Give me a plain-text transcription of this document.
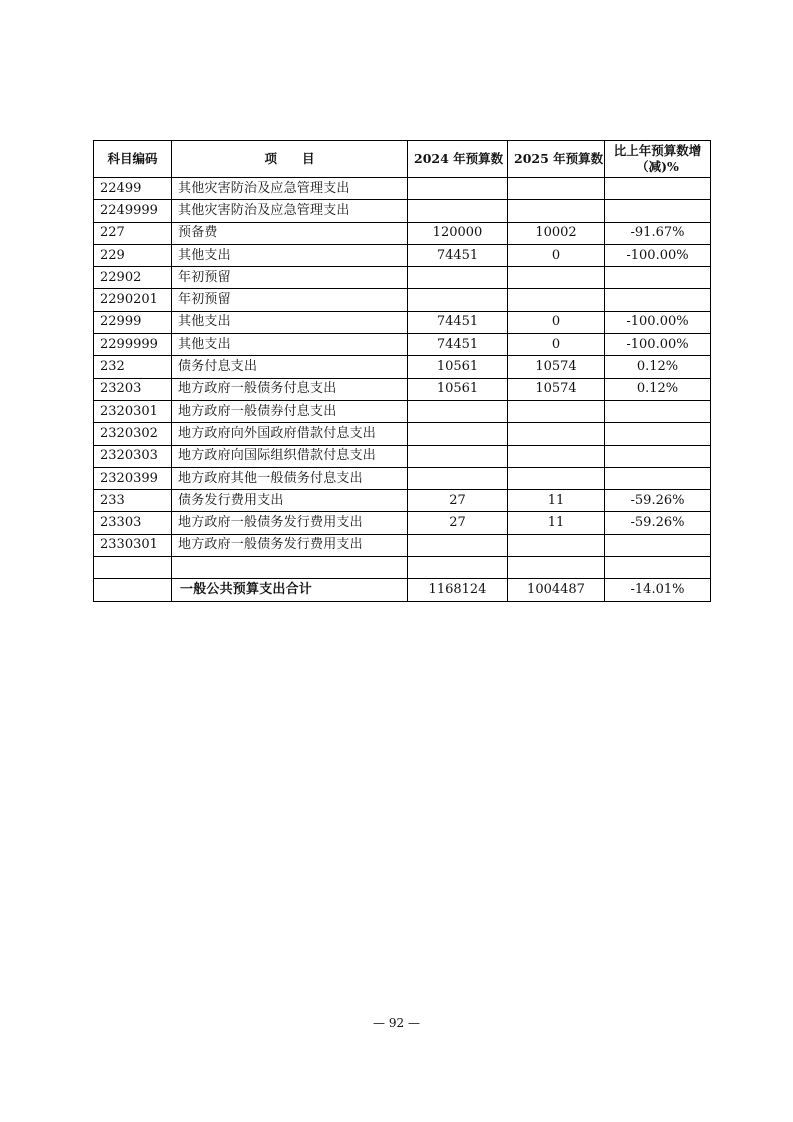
科目编码	项　　目	2024 年预算数	2025 年预算数	比上年预算数增（减)%
22499	其他灾害防治及应急管理支出			
2249999	其他灾害防治及应急管理支出			
227	预备费	120000	10002	-91.67%
229	其他支出	74451	0	-100.00%
22902	年初预留			
2290201	年初预留			
22999	其他支出	74451	0	-100.00%
2299999	其他支出	74451	0	-100.00%
232	债务付息支出	10561	10574	0.12%
23203	地方政府一般债务付息支出	10561	10574	0.12%
2320301	地方政府一般债券付息支出			
2320302	地方政府向外国政府借款付息支出			
2320303	地方政府向国际组织借款付息支出			
2320399	地方政府其他一般债务付息支出			
233	债务发行费用支出	27	11	-59.26%
23303	地方政府一般债务发行费用支出	27	11	-59.26%
2330301	地方政府一般债务发行费用支出			

	一般公共预算支出合计	1168124	1004487	-14.01%
— 92 —
